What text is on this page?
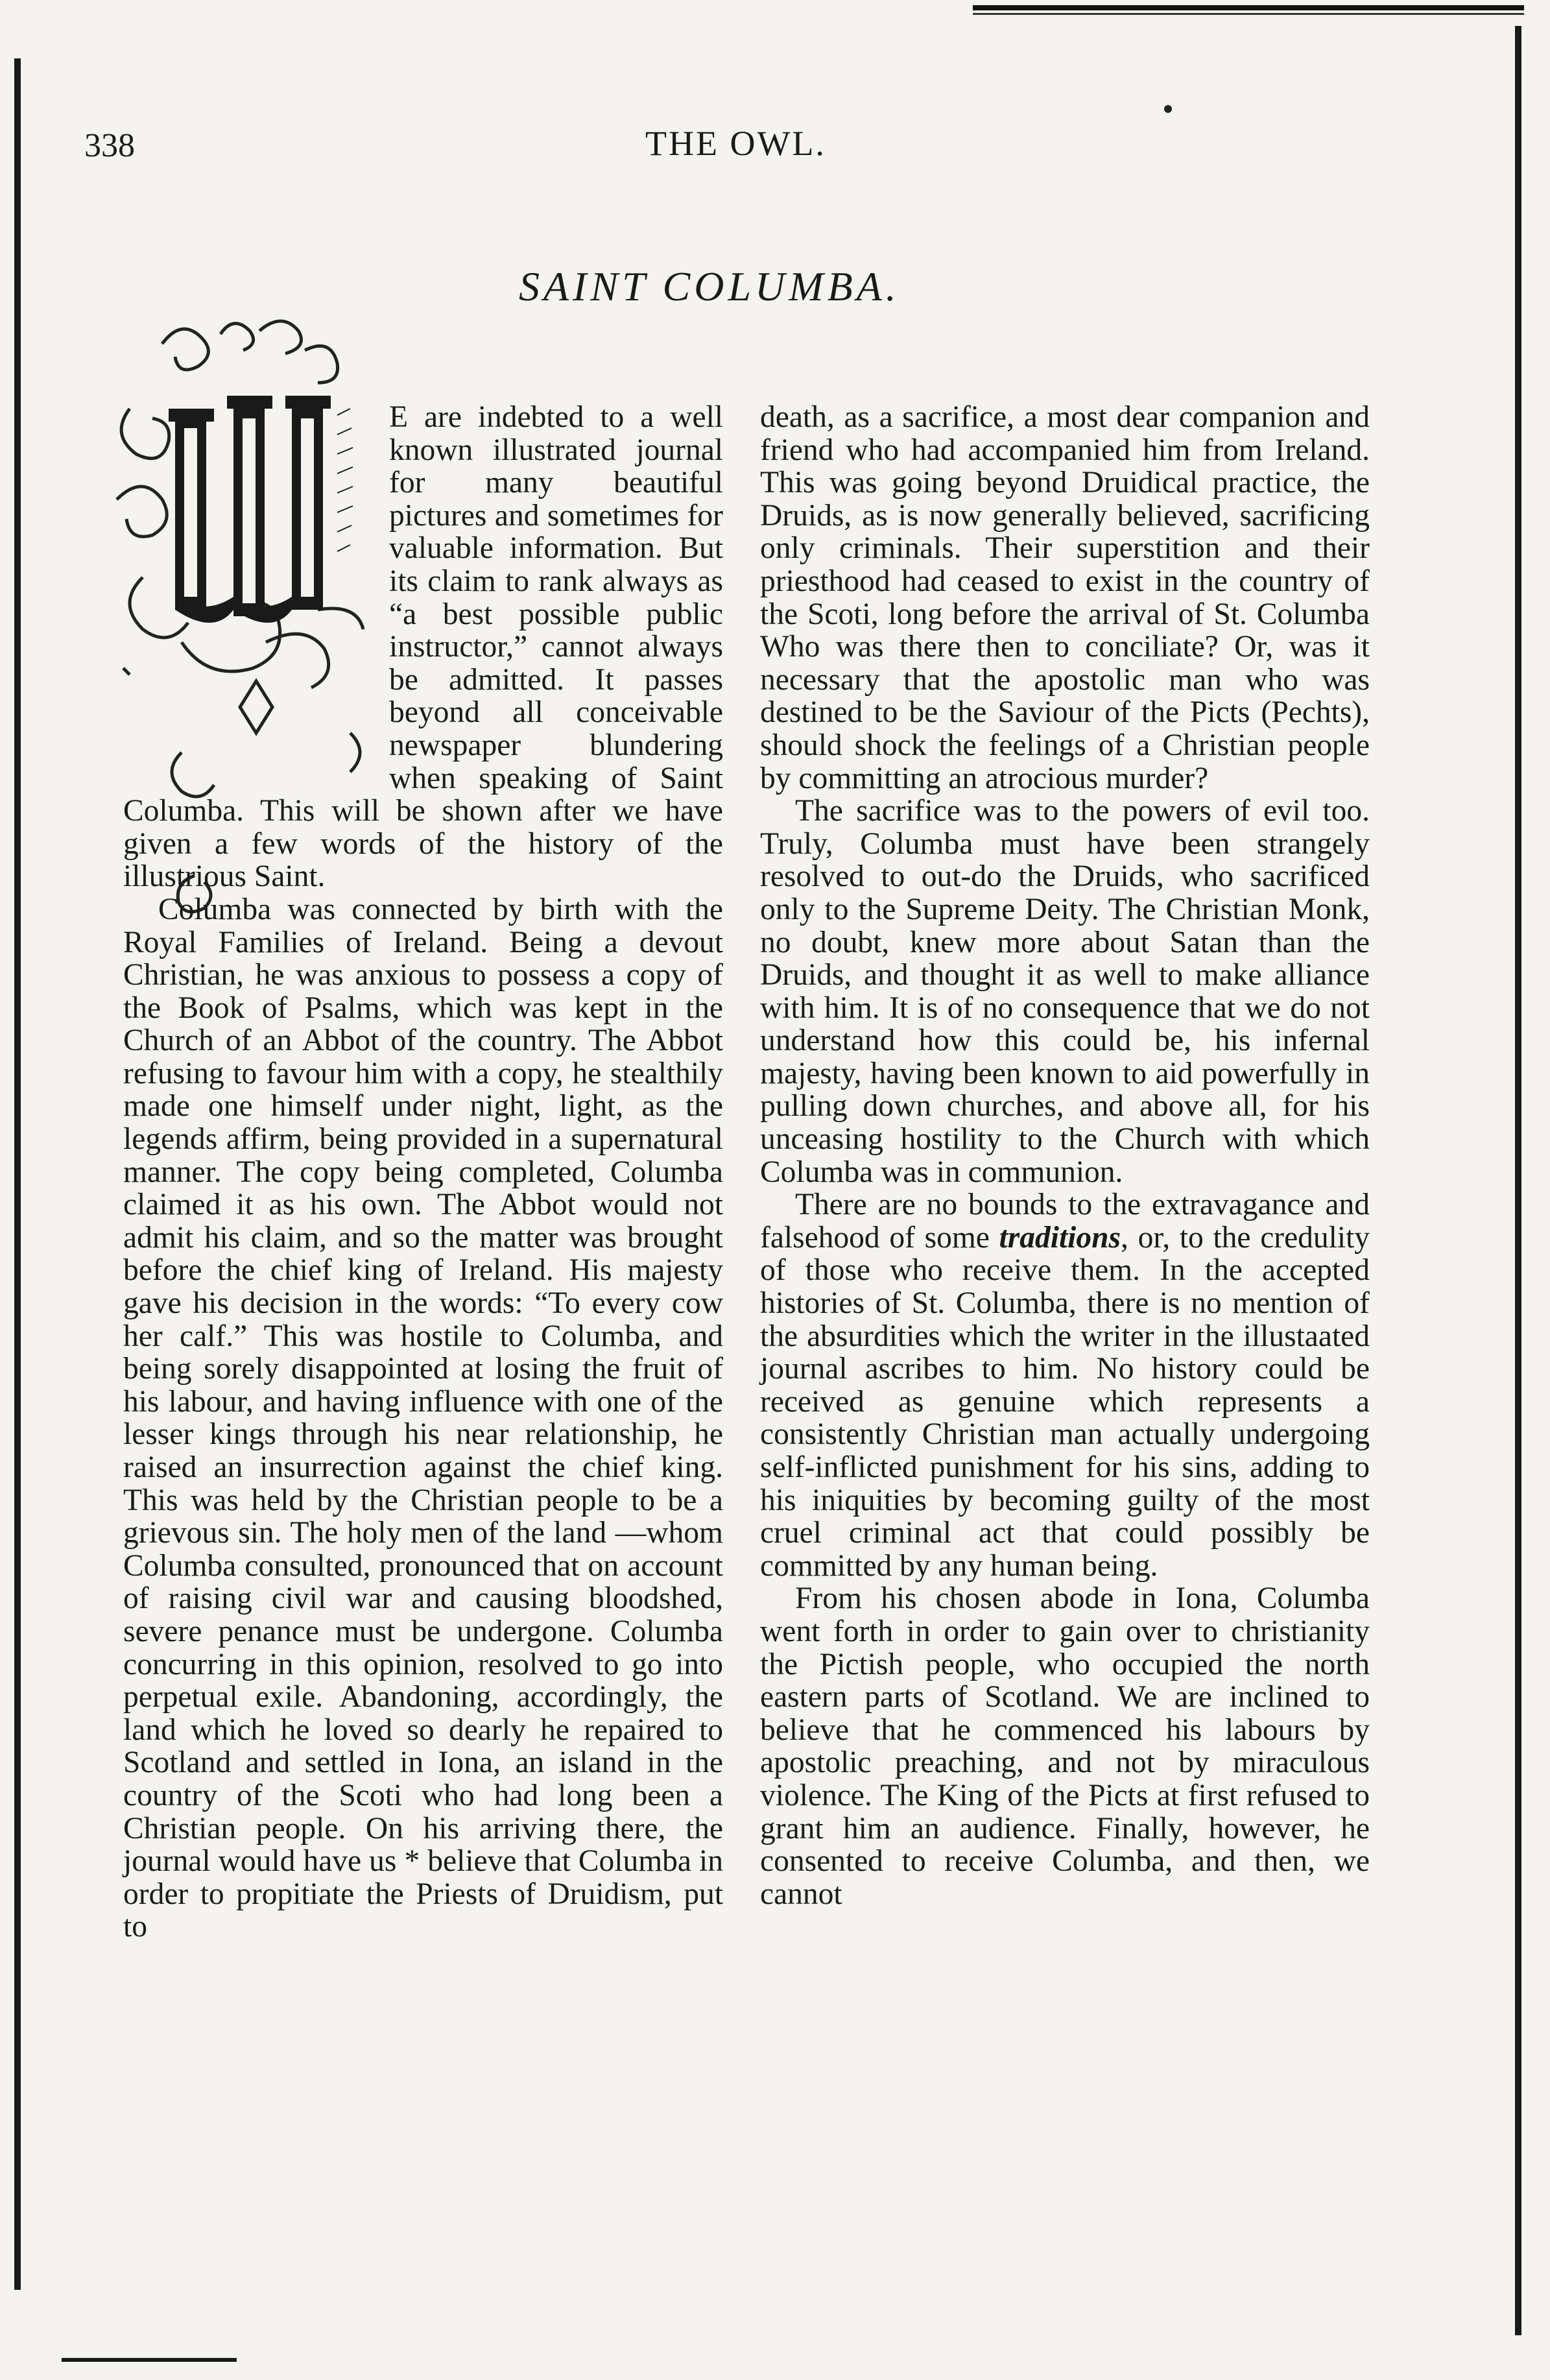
338	THE OWL.
SAINT COLUMBA.

E are indebted to a well known illustrated journal for many beautiful pictures and sometimes for valuable information. But its claim to rank always as “a best possible public instructor,” cannot always be admitted. It passes beyond all conceivable newspaper blundering when speaking of Saint Columba. This will be shown after we have given a few words of the history of the illustrious Saint.

Columba was connected by birth with the Royal Families of Ireland. Being a devout Christian, he was anxious to possess a copy of the Book of Psalms, which was kept in the Church of an Abbot of the country. The Abbot refusing to favour him with a copy, he stealthily made one himself under night, light, as the legends affirm, being provided in a supernatural manner. The copy being completed, Columba claimed it as his own. The Abbot would not admit his claim, and so the matter was brought before the chief king of Ireland. His majesty gave his decision in the words: “To every cow her calf.” This was hostile to Columba, and being sorely disappointed at losing the fruit of his labour, and having influence with one of the lesser kings through his near relationship, he raised an insurrection against the chief king. This was held by the Christian people to be a grievous sin. The holy men of the land —whom Columba consulted, pronounced that on account of raising civil war and causing bloodshed, severe penance must be undergone. Columba concurring in this opinion, resolved to go into perpetual exile. Abandoning, accordingly, the land which he loved so dearly he repaired to Scotland and settled in Iona, an island in the country of the Scoti who had long been a Christian people. On his arriving there, the journal would have us * believe that Columba in order to propitiate the Priests of Druidism, put to

death, as a sacrifice, a most dear companion and friend who had accompanied him from Ireland. This was going beyond Druidical practice, the Druids, as is now generally believed, sacrificing only criminals. Their superstition and their priesthood had ceased to exist in the country of the Scoti, long before the arrival of St. Columba Who was there then to conciliate? Or, was it necessary that the apostolic man who was destined to be the Saviour of the Picts (Pechts), should shock the feelings of a Christian people by committing an atrocious murder?

The sacrifice was to the powers of evil too. Truly, Columba must have been strangely resolved to out-do the Druids, who sacrificed only to the Supreme Deity. The Christian Monk, no doubt, knew more about Satan than the Druids, and thought it as well to make alliance with him. It is of no consequence that we do not understand how this could be, his infernal majesty, having been known to aid powerfully in pulling down churches, and above all, for his unceasing hostility to the Church with which Columba was in communion.

There are no bounds to the extravagance and falsehood of some traditions, or, to the credulity of those who receive them. In the accepted histories of St. Columba, there is no mention of the absurdities which the writer in the illustaated journal ascribes to him. No history could be received as genuine which represents a consistently Christian man actually undergoing self-inflicted punishment for his sins, adding to his iniquities by becoming guilty of the most cruel criminal act that could possibly be committed by any human being.

From his chosen abode in Iona, Columba went forth in order to gain over to christianity the Pictish people, who occupied the north eastern parts of Scotland. We are inclined to believe that he commenced his labours by apostolic preaching, and not by miraculous violence. The King of the Picts at first refused to grant him an audience. Finally, however, he consented to receive Columba, and then, we cannot
